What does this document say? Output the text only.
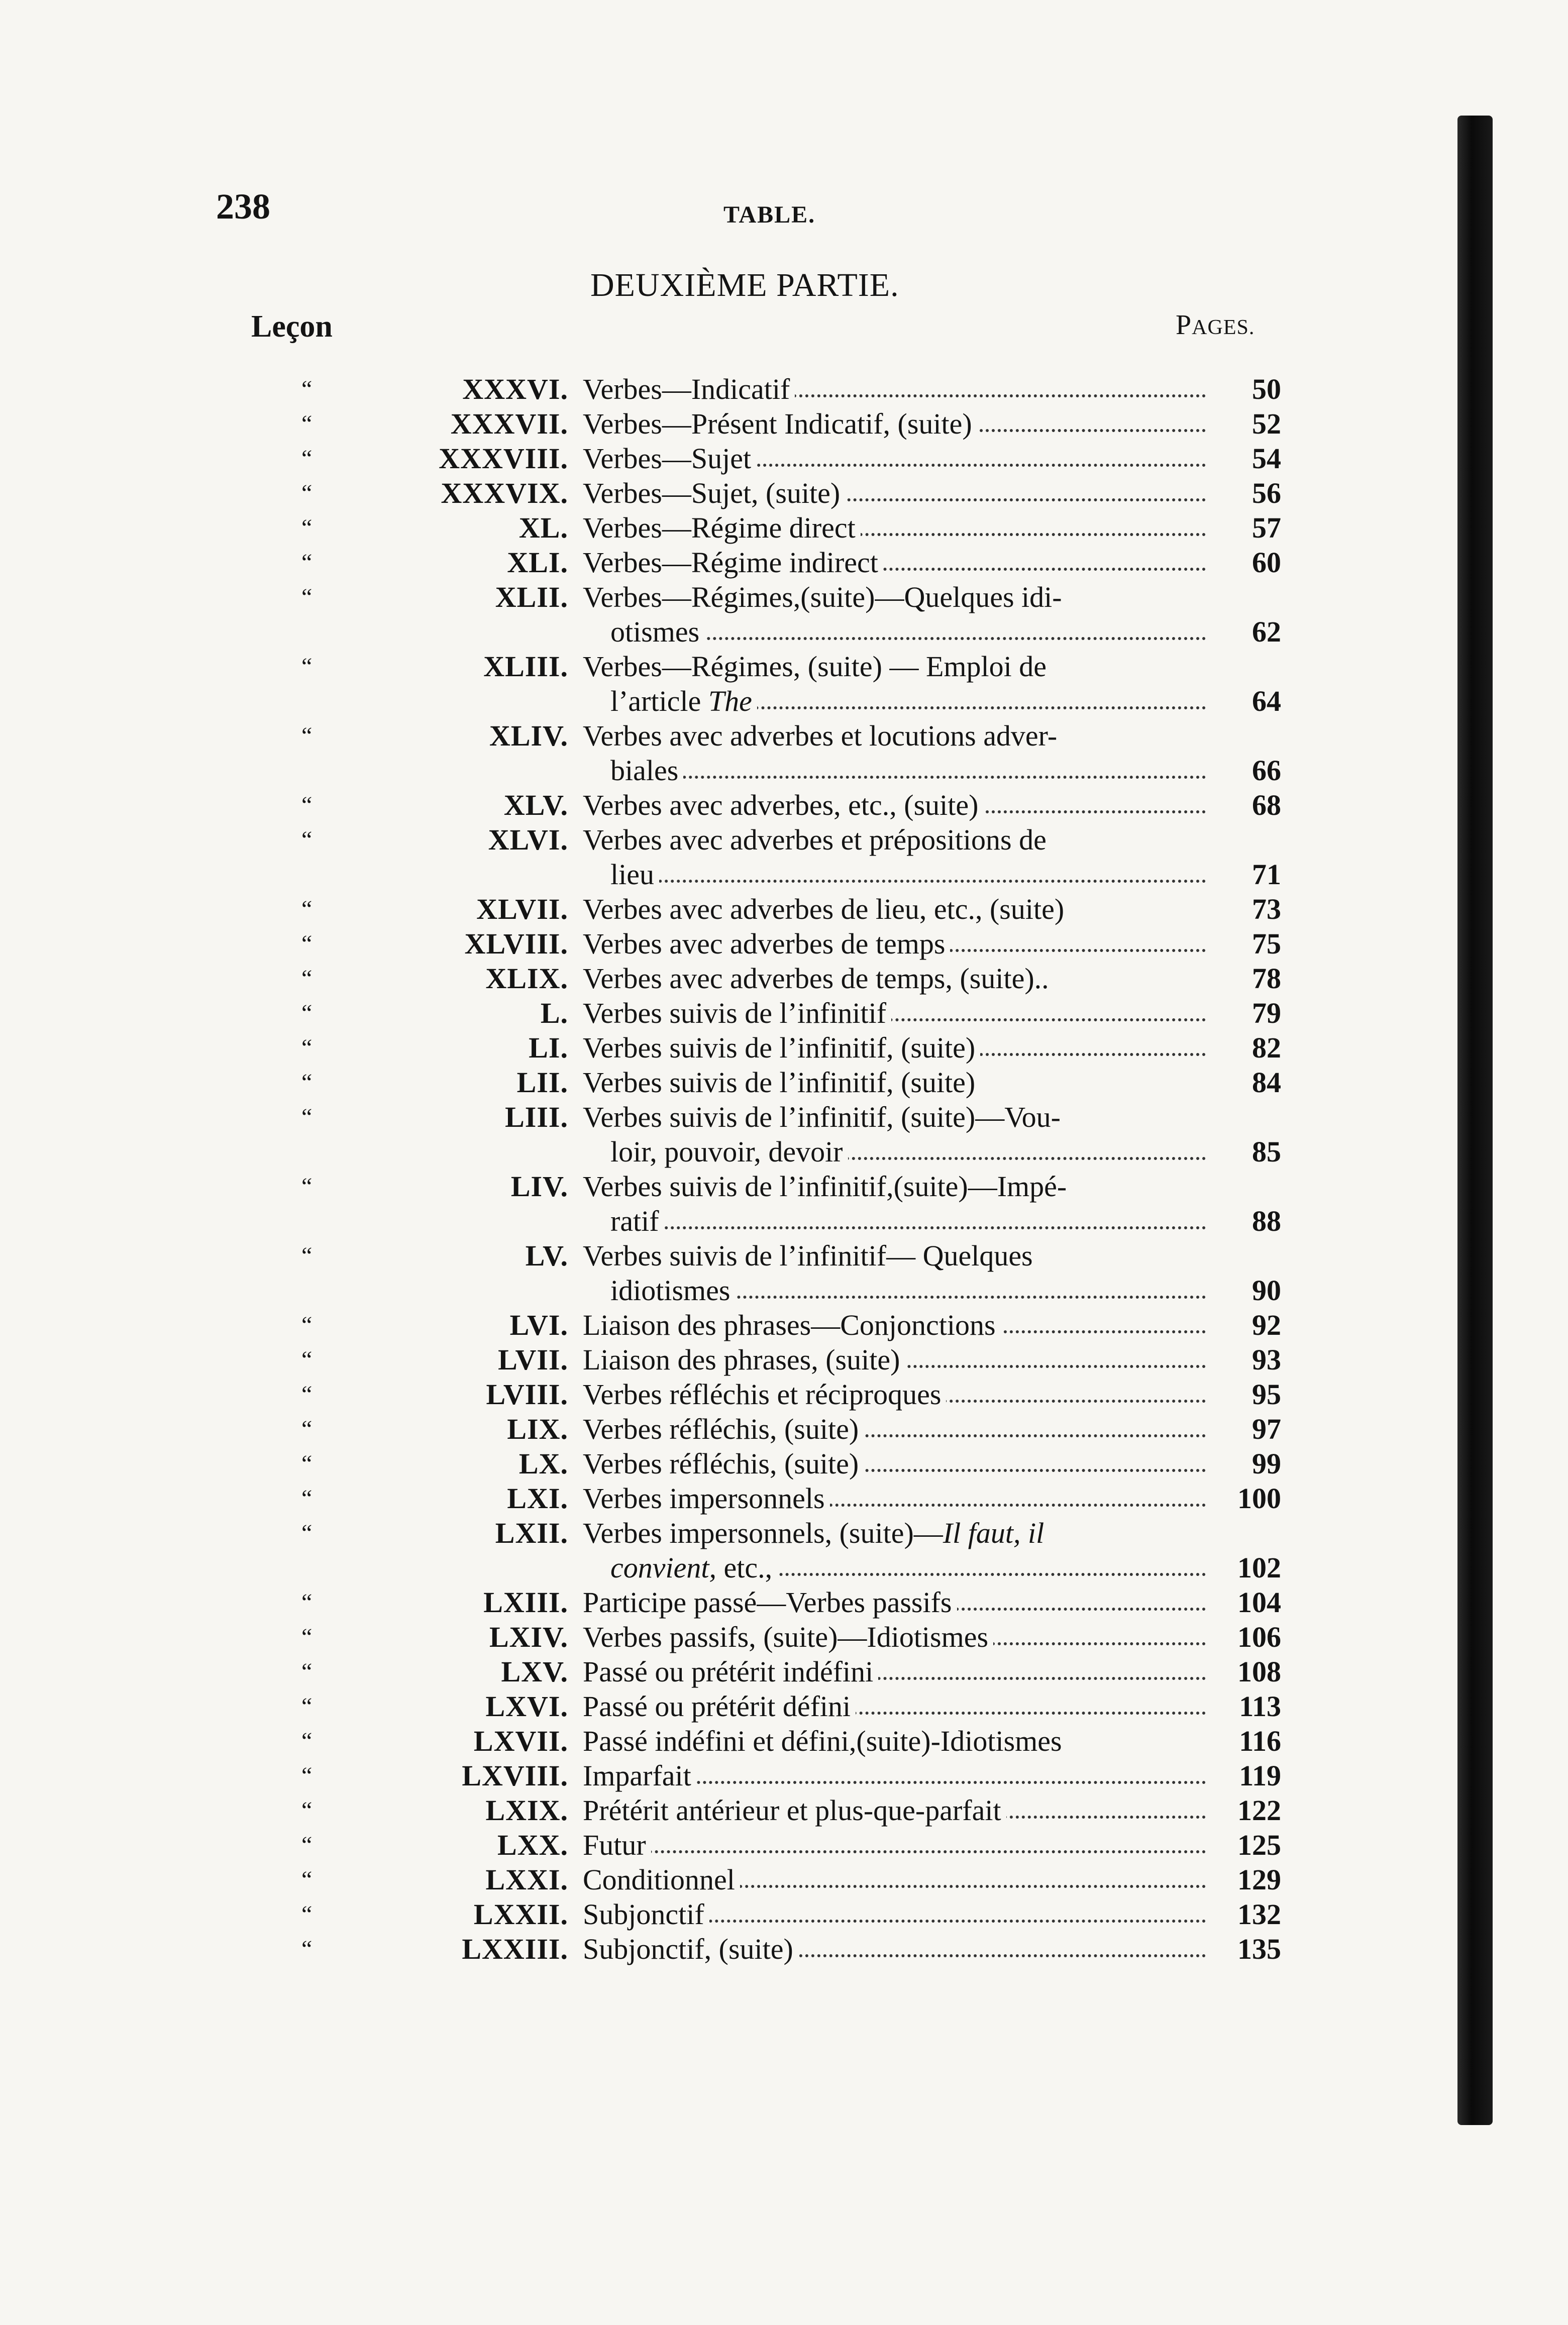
238	TABLE.
DEUXIÈME PARTIE.
Leçon	PAGES.
“	XXXVI. Verbes—Indicatif	50
“	XXXVII. Verbes—Présent Indicatif, (suite)	52
“	XXXVIII. Verbes—Sujet	54
“	XXXVIX. Verbes—Sujet, (suite)	56
“	XL. Verbes—Régime direct	57
“	XLI. Verbes—Régime indirect	60
“	XLII. Verbes—Régimes,(suite)—Quelques idi-
otismes	62
“	XLIII. Verbes—Régimes, (suite) — Emploi de
l’article The	64
“	XLIV. Verbes avec adverbes et locutions adver-
biales	66
“	XLV. Verbes avec adverbes, etc., (suite)	68
“	XLVI. Verbes avec adverbes et prépositions de
lieu	71
“	XLVII. Verbes avec adverbes de lieu, etc., (suite)	73
“	XLVIII. Verbes avec adverbes de temps	75
“	XLIX. Verbes avec adverbes de temps, (suite)..	78
“	L. Verbes suivis de l’infinitif	79
“	LI. Verbes suivis de l’infinitif, (suite)	82
“	LII. Verbes suivis de l’infinitif, (suite)	84
“	LIII. Verbes suivis de l’infinitif, (suite)—Vou-
loir, pouvoir, devoir	85
“	LIV. Verbes suivis de l’infinitif,(suite)—Impé-
ratif	88
“	LV. Verbes suivis de l’infinitif— Quelques
idiotismes	90
“	LVI. Liaison des phrases—Conjonctions	92
“	LVII. Liaison des phrases, (suite)	93
“	LVIII. Verbes réfléchis et réciproques	95
“	LIX. Verbes réfléchis, (suite)	97
“	LX. Verbes réfléchis, (suite)	99
“	LXI. Verbes impersonnels	100
“	LXII. Verbes impersonnels, (suite)—Il faut, il
convient, etc.,	102
“	LXIII. Participe passé—Verbes passifs	104
“	LXIV. Verbes passifs, (suite)—Idiotismes	106
“	LXV. Passé ou prétérit indéfini	108
“	LXVI. Passé ou prétérit défini	113
“	LXVII. Passé indéfini et défini,(suite)-Idiotismes	116
“	LXVIII. Imparfait	119
“	LXIX. Prétérit antérieur et plus-que-parfait	122
“	LXX. Futur	125
“	LXXI. Conditionnel	129
“	LXXII. Subjonctif	132
“	LXXIII. Subjonctif, (suite)	135
